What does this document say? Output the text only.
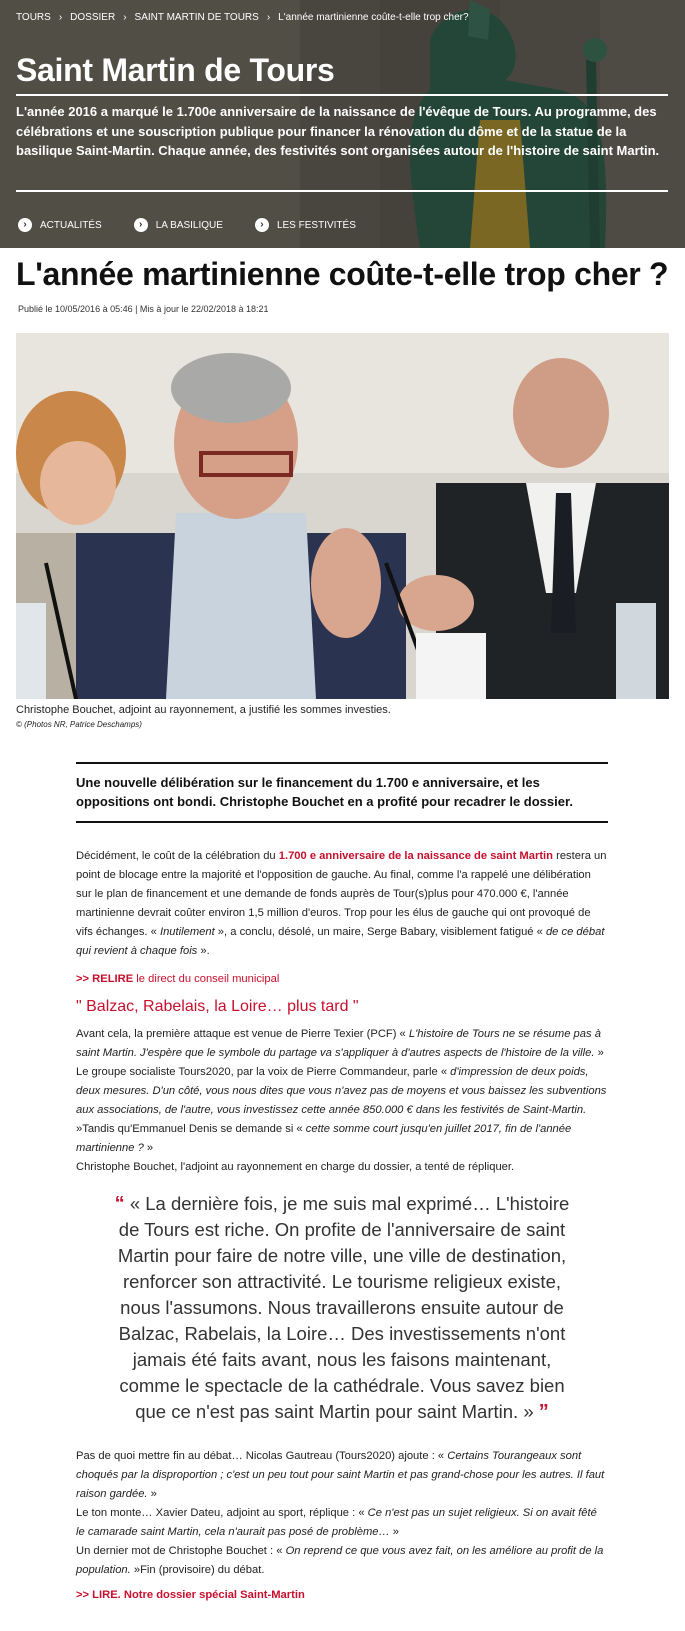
TOURS › DOSSIER › SAINT MARTIN DE TOURS › L'année martinienne coûte-t-elle trop cher?
Saint Martin de Tours

L'année 2016 a marqué le 1.700e anniversaire de la naissance de l'évêque de Tours. Au programme, des célébrations et une souscription publique pour financer la rénovation du dôme et de la statue de la basilique Saint-Martin. Chaque année, des festivités sont organisées autour de l'histoire de saint Martin.

›	ACTUALITÉS	›	LA BASILIQUE	›	LES FESTIVITÉS
L'année martinienne coûte-t-elle trop cher ?
Publié le 10/05/2016 à 05:46 | Mis à jour le 22/02/2018 à 18:21
Christophe Bouchet, adjoint au rayonnement, a justifié les sommes investies.
© (Photos NR, Patrice Deschamps)

Une nouvelle délibération sur le financement du 1.700 e anniversaire, et les oppositions ont bondi. Christophe Bouchet en a profité pour recadrer le dossier.

Décidément, le coût de la célébration du 1.700 e anniversaire de la naissance de saint Martin restera un point de blocage entre la majorité et l'opposition de gauche. Au final, comme l'a rappelé une délibération sur le plan de financement et une demande de fonds auprès de Tour(s)plus pour 470.000 €, l'année martinienne devrait coûter environ 1,5 million d'euros. Trop pour les élus de gauche qui ont provoqué de vifs échanges. « Inutilement », a conclu, désolé, un maire, Serge Babary, visiblement fatigué « de ce débat qui revient à chaque fois ».

>> RELIRE le direct du conseil municipal

" Balzac, Rabelais, la Loire… plus tard "

Avant cela, la première attaque est venue de Pierre Texier (PCF) « L'histoire de Tours ne se résume pas à saint Martin. J'espère que le symbole du partage va s'appliquer à d'autres aspects de l'histoire de la ville. »
Le groupe socialiste Tours2020, par la voix de Pierre Commandeur, parle « d'impression de deux poids, deux mesures. D'un côté, vous nous dites que vous n'avez pas de moyens et vous baissez les subventions aux associations, de l'autre, vous investissez cette année 850.000 € dans les festivités de Saint-Martin. »Tandis qu'Emmanuel Denis se demande si « cette somme court jusqu'en juillet 2017, fin de l'année martinienne ? »
Christophe Bouchet, l'adjoint au rayonnement en charge du dossier, a tenté de répliquer.

“ « La dernière fois, je me suis mal exprimé… L'histoire de Tours est riche. On profite de l'anniversaire de saint Martin pour faire de notre ville, une ville de destination, renforcer son attractivité. Le tourisme religieux existe, nous l'assumons. Nous travaillerons ensuite autour de Balzac, Rabelais, la Loire… Des investissements n'ont jamais été faits avant, nous les faisons maintenant, comme le spectacle de la cathédrale. Vous savez bien que ce n'est pas saint Martin pour saint Martin. » ”

Pas de quoi mettre fin au débat… Nicolas Gautreau (Tours2020) ajoute : « Certains Tourangeaux sont choqués par la disproportion ; c'est un peu tout pour saint Martin et pas grand-chose pour les autres. Il faut raison gardée. »
Le ton monte… Xavier Dateu, adjoint au sport, réplique : « Ce n'est pas un sujet religieux. Si on avait fêté le camarade saint Martin, cela n'aurait pas posé de problème… »
Un dernier mot de Christophe Bouchet : « On reprend ce que vous avez fait, on les améliore au profit de la population. »Fin (provisoire) du débat.

>> LIRE. Notre dossier spécial Saint-Martin
